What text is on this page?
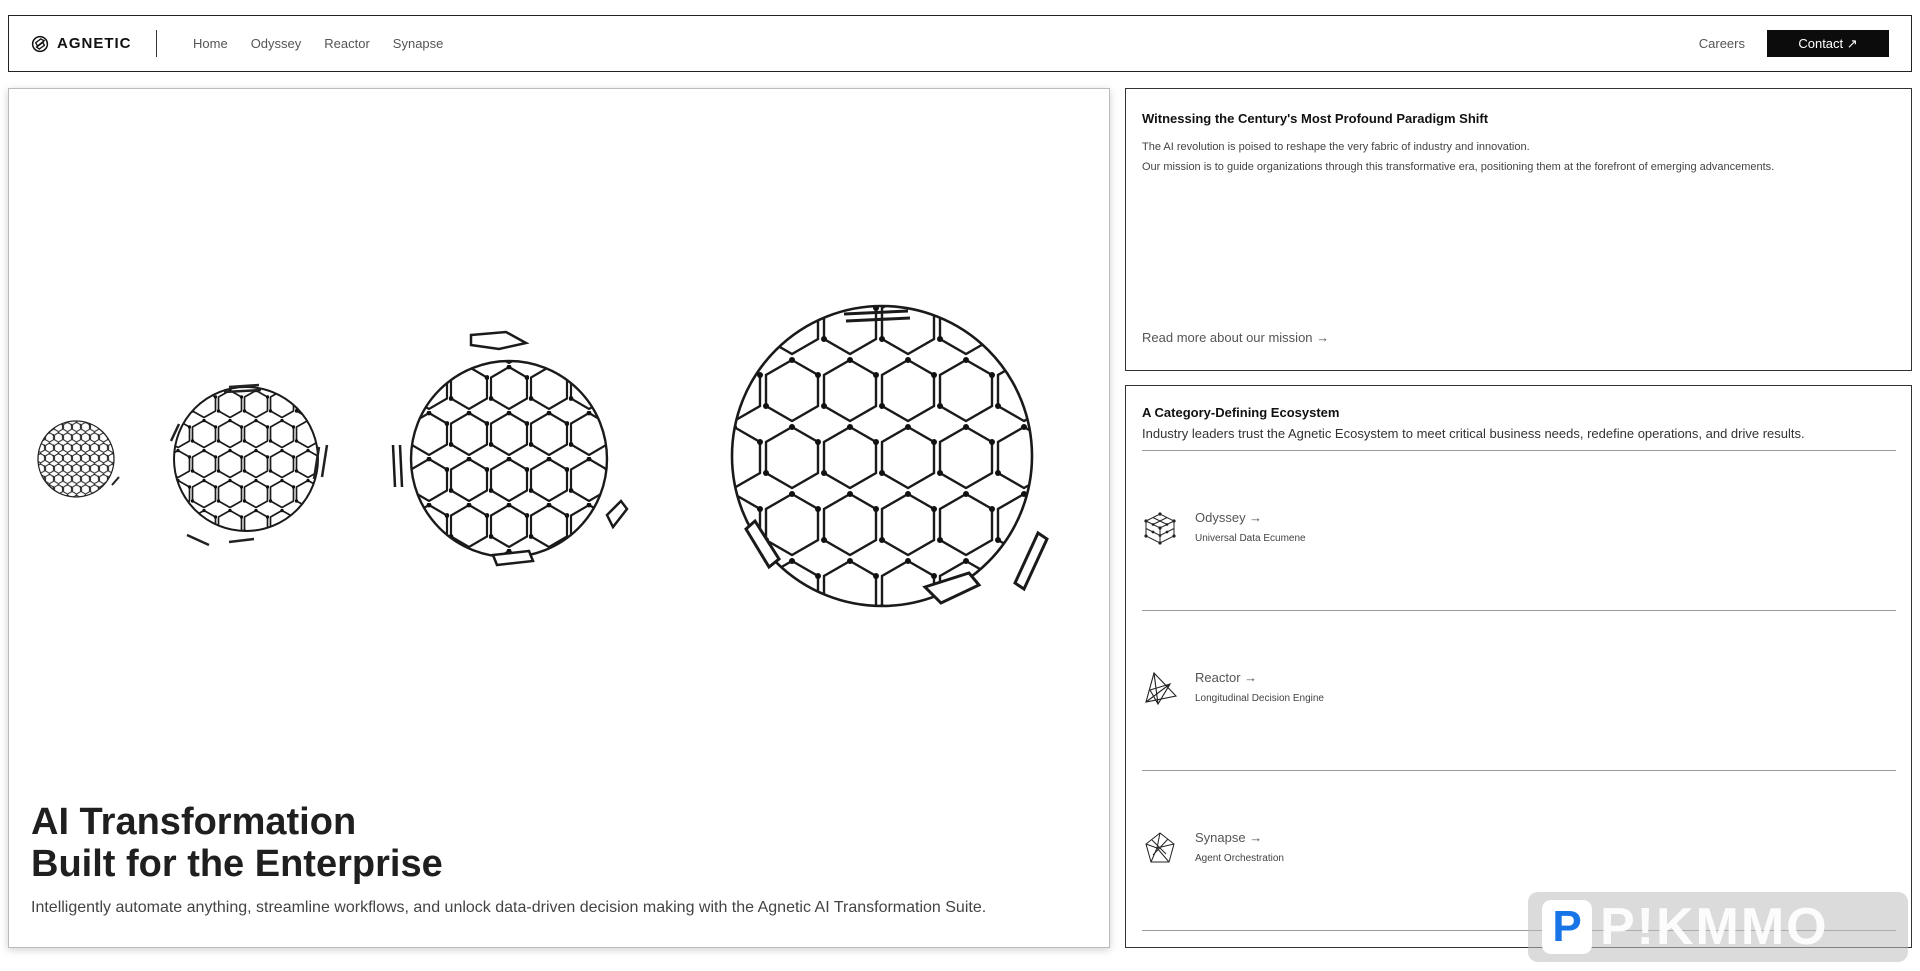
AGNETIC	Home Odyssey Reactor Synapse	Careers	Contact ↗
AI Transformation
Built for the Enterprise

Intelligently automate anything, streamline workflows, and unlock data-driven decision making with the Agnetic AI Transformation Suite.

Witnessing the Century's Most Profound Paradigm Shift

The AI revolution is poised to reshape the very fabric of industry and innovation.

Our mission is to guide organizations through this transformative era, positioning them at the forefront of emerging advancements.

Read more about our mission →
A Category-Defining Ecosystem

Industry leaders trust the Agnetic Ecosystem to meet critical business needs, redefine operations, and drive results.

Odyssey →
Universal Data Ecumene
Reactor →
Longitudinal Decision Engine
Synapse →
Agent Orchestration
P P!KMMO
